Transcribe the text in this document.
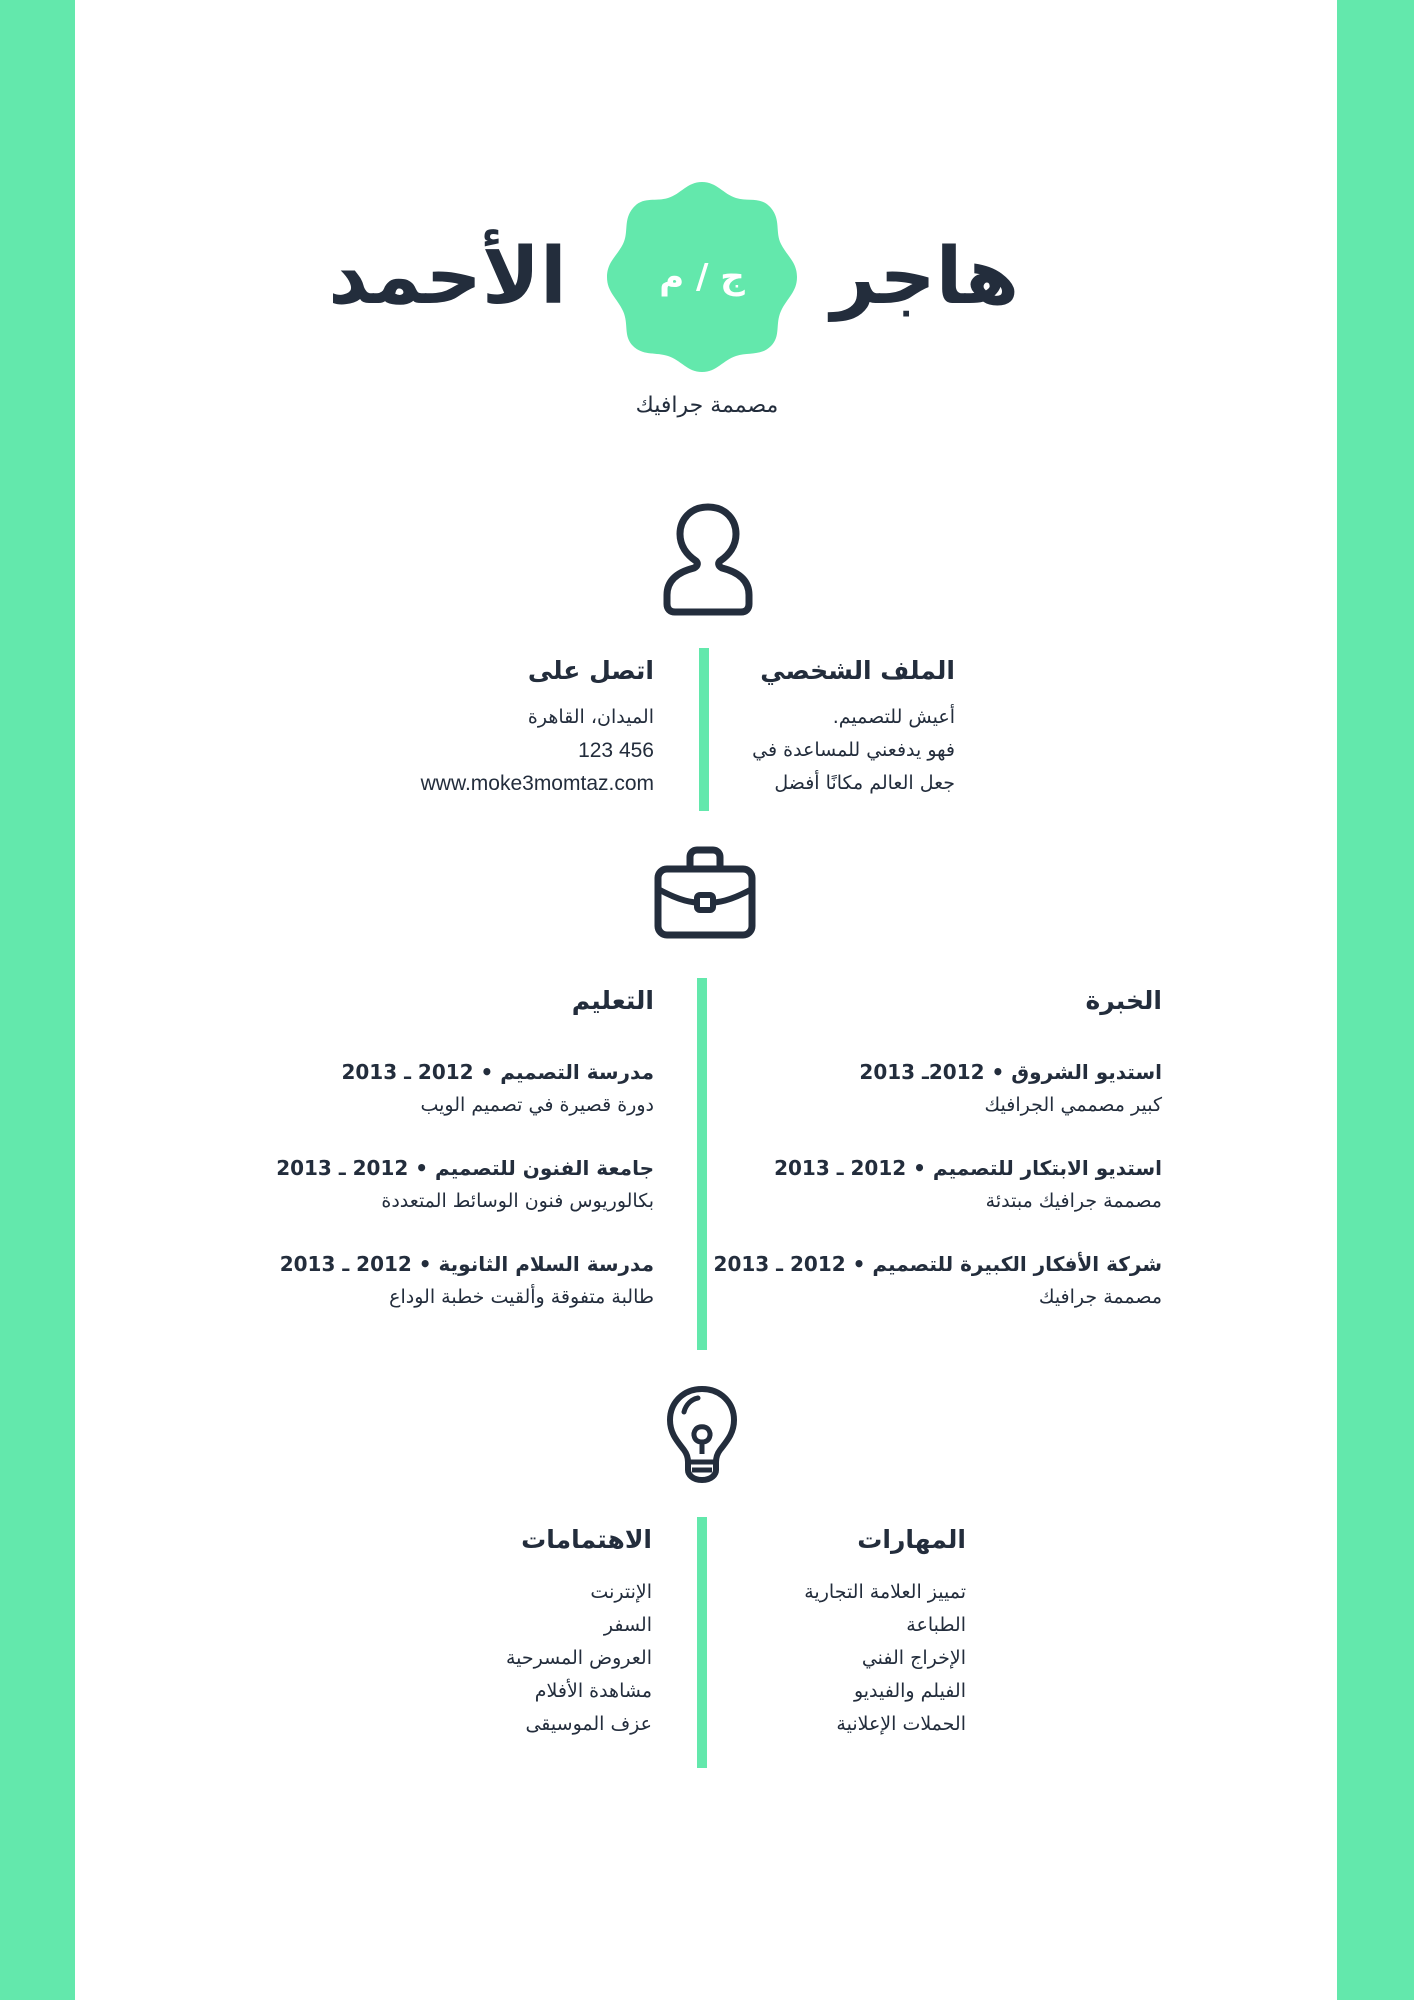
هاجر
الأحمد	ج / م
مصممة جرافيك
الملف الشخصي
أعيش للتصميم.
فهو يدفعني للمساعدة في
جعل العالم مكانًا أفضل
اتصل على
الميدان، القاهرة
123 456
www.moke3momtaz.com
الخبرة
استديو الشروق • 2012ـ 2013
كبير مصممي الجرافيك
استديو الابتكار للتصميم • 2012 ـ 2013
مصممة جرافيك مبتدئة
شركة الأفكار الكبيرة للتصميم • 2012 ـ 2013
مصممة جرافيك
التعليم
مدرسة التصميم • 2012 ـ 2013
دورة قصيرة في تصميم الويب
جامعة الفنون للتصميم • 2012 ـ 2013
بكالوريوس فنون الوسائط المتعددة
مدرسة السلام الثانوية • 2012 ـ 2013
طالبة متفوقة وألقيت خطبة الوداع
المهارات
تمييز العلامة التجارية
الطباعة
الإخراج الفني
الفيلم والفيديو
الحملات الإعلانية
الاهتمامات
الإنترنت
السفر
العروض المسرحية
مشاهدة الأفلام
عزف الموسيقى
